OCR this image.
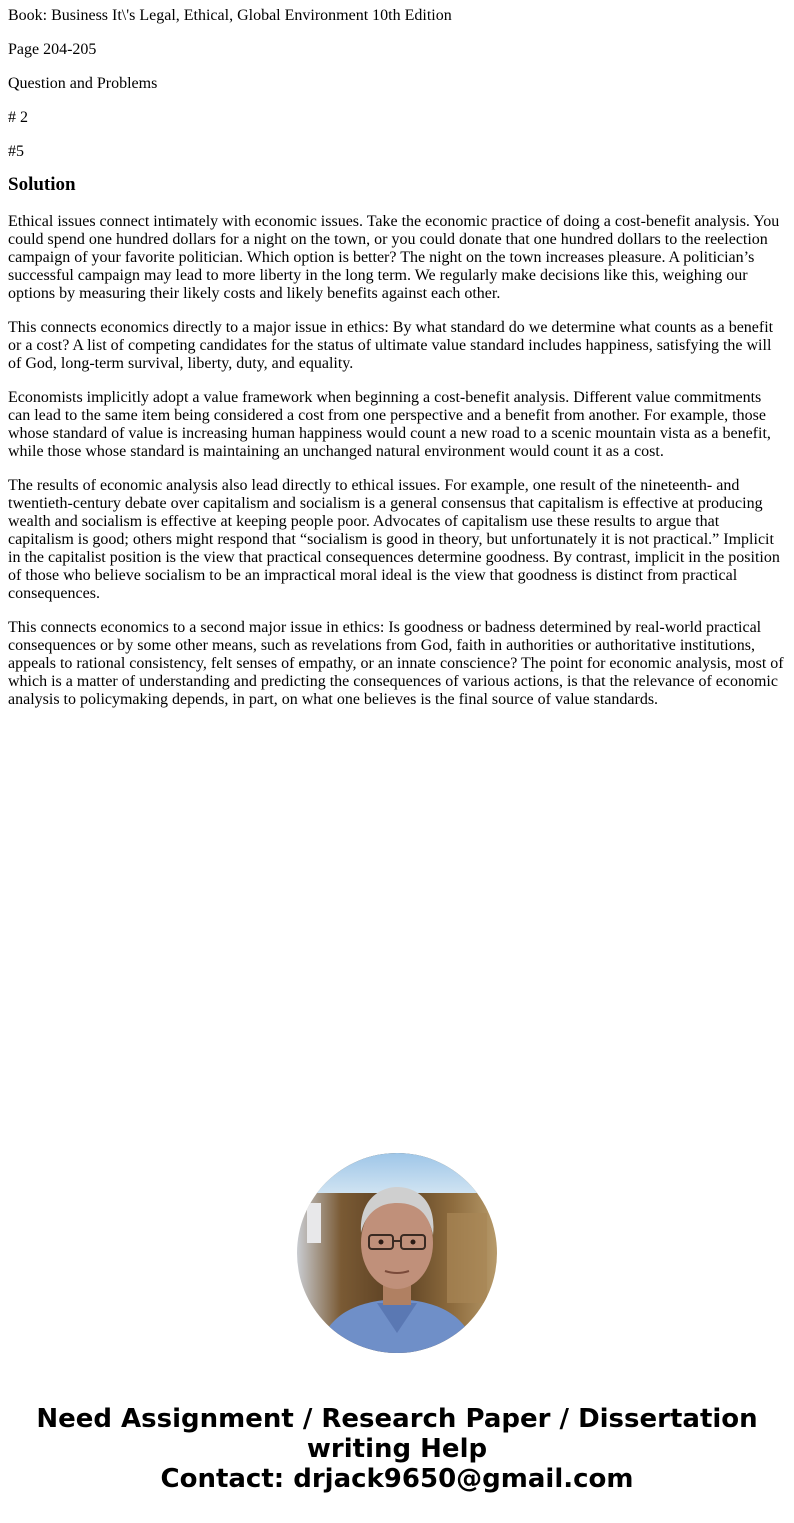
Book: Business It\'s Legal, Ethical, Global Environment 10th Edition

Page 204-205

Question and Problems

# 2

#5

Solution

Ethical issues connect intimately with economic issues. Take the economic practice of doing a cost-benefit analysis. You could spend one hundred dollars for a night on the town, or you could donate that one hundred dollars to the reelection campaign of your favorite politician. Which option is better? The night on the town increases pleasure. A politician’s successful campaign may lead to more liberty in the long term. We regularly make decisions like this, weighing our options by measuring their likely costs and likely benefits against each other.

This connects economics directly to a major issue in ethics: By what standard do we determine what counts as a benefit or a cost? A list of competing candidates for the status of ultimate value standard includes happiness, satisfying the will of God, long-term survival, liberty, duty, and equality.

Economists implicitly adopt a value framework when beginning a cost-benefit analysis. Different value commitments can lead to the same item being considered a cost from one perspective and a benefit from another. For example, those whose standard of value is increasing human happiness would count a new road to a scenic mountain vista as a benefit, while those whose standard is maintaining an unchanged natural environment would count it as a cost.

The results of economic analysis also lead directly to ethical issues. For example, one result of the nineteenth- and twentieth-century debate over capitalism and socialism is a general consensus that capitalism is effective at producing wealth and socialism is effective at keeping people poor. Advocates of capitalism use these results to argue that capitalism is good; others might respond that “socialism is good in theory, but unfortunately it is not practical.” Implicit in the capitalist position is the view that practical consequences determine goodness. By contrast, implicit in the position of those who believe socialism to be an impractical moral ideal is the view that goodness is distinct from practical consequences.

This connects economics to a second major issue in ethics: Is goodness or badness determined by real-world practical consequences or by some other means, such as revelations from God, faith in authorities or authoritative institutions, appeals to rational consistency, felt senses of empathy, or an innate conscience? The point for economic analysis, most of which is a matter of understanding and predicting the consequences of various actions, is that the relevance of economic analysis to policymaking depends, in part, on what one believes is the final source of value standards.

Need Assignment / Research Paper / Dissertation
writing Help
Contact: drjack9650@gmail.com
